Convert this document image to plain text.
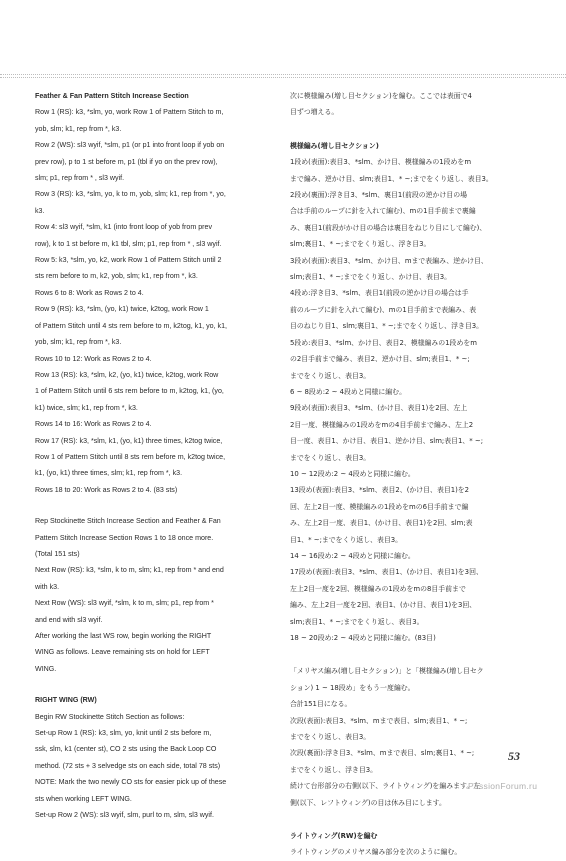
Feather & Fan Pattern Stitch Increase Section
Row 1 (RS): k3, *slm, yo, work Row 1 of Pattern Stitch to m,
yob, slm; k1, rep from *, k3.
Row 2 (WS): sl3 wyif, *slm, p1 (or p1 into front loop if yob on
prev row), p to 1 st before m, p1 (tbl if yo on the prev row),
slm; p1, rep from * , sl3 wyif.
Row 3 (RS): k3, *slm, yo, k to m, yob, slm; k1, rep from *, yo,
k3.
Row 4: sl3 wyif, *slm, k1 (into front loop of yob from prev
row), k to 1 st before m, k1 tbl, slm; p1, rep from * , sl3 wyif.
Row 5: k3, *slm, yo, k2, work Row 1 of Pattern Stitch until 2
sts rem before to m, k2, yob, slm; k1, rep from *, k3.
Rows 6 to 8: Work as Rows 2 to 4.
Row 9 (RS): k3, *slm, (yo, k1) twice, k2tog, work Row 1
of Pattern Stitch until 4 sts rem before to m, k2tog, k1, yo, k1,
yob, slm; k1, rep from *, k3.
Rows 10 to 12: Work as Rows 2 to 4.
Row 13 (RS): k3, *slm, k2, (yo, k1) twice, k2tog, work Row
1 of Pattern Stitch until 6 sts rem before to m, k2tog, k1, (yo,
k1) twice, slm; k1, rep from *, k3.
Rows 14 to 16: Work as Rows 2 to 4.
Row 17 (RS): k3, *slm, k1, (yo, k1) three times, k2tog twice,
Row 1 of Pattern Stitch until 8 sts rem before m, k2tog twice,
k1, (yo, k1) three times, slm; k1, rep from *, k3.
Rows 18 to 20: Work as Rows 2 to 4. (83 sts)
Rep Stockinette Stitch Increase Section and Feather & Fan
Pattern Stitch Increase Section Rows 1 to 18 once more.
(Total 151 sts)
Next Row (RS): k3, *slm, k to m, slm; k1, rep from * and end
with k3.
Next Row (WS): sl3 wyif, *slm, k to m, slm; p1, rep from *
and end with sl3 wyif.
After working the last WS row, begin working the RIGHT
WING as follows. Leave remaining sts on hold for LEFT
WING.
RIGHT WING (RW)
Begin RW Stockinette Stitch Section as follows:
Set-up Row 1 (RS): k3, slm, yo, knit until 2 sts before m,
ssk, slm, k1 (center st), CO 2 sts using the Back Loop CO
method. (72 sts + 3 selvedge sts on each side, total 78 sts)
NOTE: Mark the two newly CO sts for easier pick up of these
sts when working LEFT WING.
Set-up Row 2 (WS): sl3 wyif, slm, purl to m, slm, sl3 wyif.
次に模様編み(増し目セクション)を編む。ここでは表面で4
目ずつ増える。
模様編み(増し目セクション)
1段め(表面):表目3、*slm、かけ目、模様編みの1段めをm
まで編み、逆かけ目、slm;表目1、* ~;までをくり返し、表目3。
2段め(裏面):浮き目3、*slm、裏目1(前段の逆かけ目の場
合は手前のループに針を入れて編む)、mの1目手前まで裏編
み、裏目1(前段がかけ目の場合は裏目をねじり目にして編む)、
slm;裏目1、* ~;までをくり返し、浮き目3。
3段め(表面):表目3、*slm、かけ目、mまで表編み、逆かけ目、
slm;表目1、* ~;までをくり返し、かけ目、表目3。
4段め:浮き目3、*slm、表目1(前段の逆かけ目の場合は手
前のループに針を入れて編む)、mの1目手前まで表編み、表
目のねじり目1、slm;裏目1、* ~;までをくり返し、浮き目3。
5段め:表目3、*slm、かけ目、表目2、模様編みの1段めをm
の2目手前まで編み、表目2、逆かけ目、slm;表目1、* ~;
までをくり返し、表目3。
6 ~ 8段め:2 ~ 4段めと同様に編む。
9段め(表面):表目3、*slm、(かけ目、表目1)を2回、左上
2目一度、模様編みの1段めをmの4目手前まで編み、左上2
目一度、表目1、かけ目、表目1、逆かけ目、slm;表目1、* ~;
までをくり返し、表目3。
10 ~ 12段め:2 ~ 4段めと同様に編む。
13段め(表面):表目3、*slm、表目2、(かけ目、表目1)を2
回、左上2目一度、模様編みの1段めをmの6目手前まで編
み、左上2目一度、表目1、(かけ目、表目1)を2回、slm;表
目1、* ~;までをくり返し、表目3。
14 ~ 16段め:2 ~ 4段めと同様に編む。
17段め(表面):表目3、*slm、表目1、(かけ目、表目1)を3回、
左上2目一度を2回、模様編みの1段めをmの8目手前まで
編み、左上2目一度を2回、表目1、(かけ目、表目1)を3回、
slm;表目1、* ~;までをくり返し、表目3。
18 ~ 20段め:2 ~ 4段めと同様に編む。(83目)
「メリヤス編み(増し目セクション)」と「模様編み(増し目セク
ション) 1 ~ 18段め」をもう一度編む。
合計151目になる。
次段(表面):表目3、*slm、mまで表目、slm;表目1、* ~;
までをくり返し、表目3。
次段(裏面):浮き目3、*slm、mまで表目、slm;裏目1、* ~;
までをくり返し、浮き目3。
続けて台形部分の右側(以下、ライトウィング)を編みます。左
側(以下、レフトウィング)の目は休み目にします。
ライトウィング(RW)を編む
ライトウィングのメリヤス編み部分を次のように編む。
53
PassionForum.ru
